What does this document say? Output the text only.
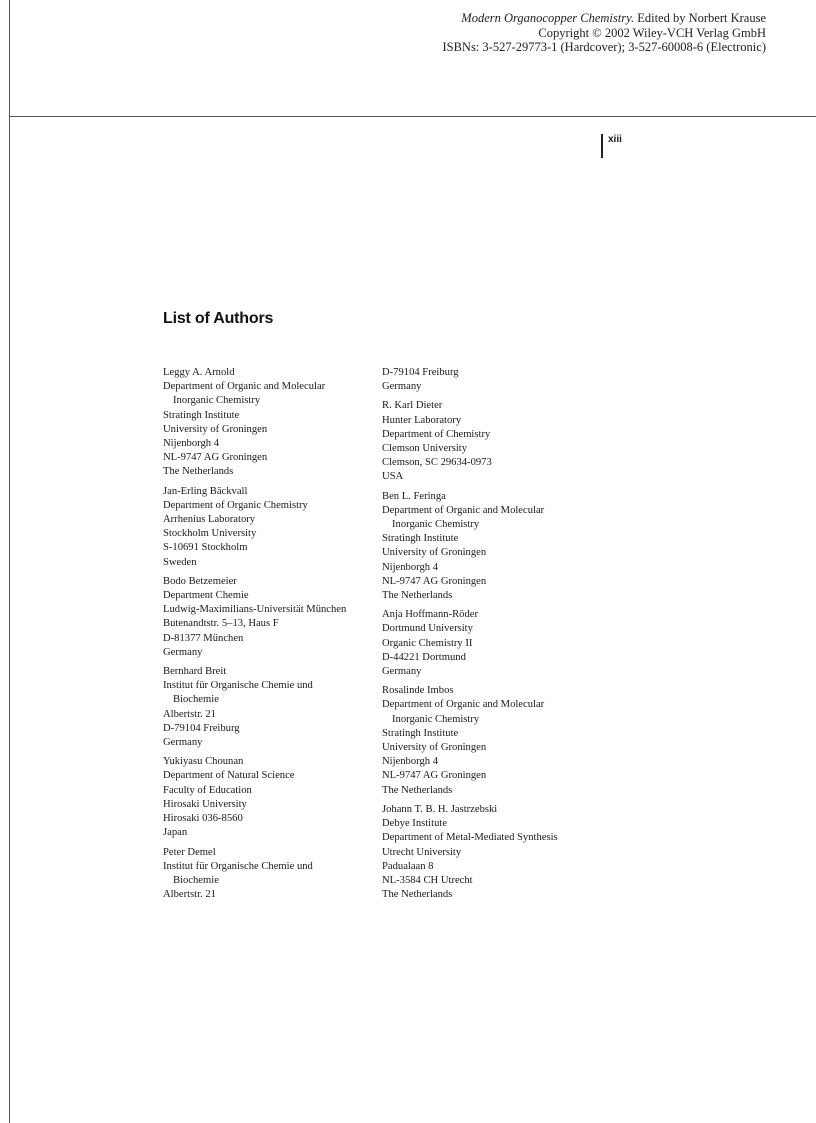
Modern Organocopper Chemistry. Edited by Norbert Krause
Copyright © 2002 Wiley-VCH Verlag GmbH
ISBNs: 3-527-29773-1 (Hardcover); 3-527-60008-6 (Electronic)
$^{xiii}$
List of Authors
Leggy A. Arnold
Department of Organic and Molecular
Inorganic Chemistry
Stratingh Institute
University of Groningen
Nijenborgh 4
NL-9747 AG Groningen
The Netherlands
Jan-Erling Bäckvall
Department of Organic Chemistry
Arrhenius Laboratory
Stockholm University
S-10691 Stockholm
Sweden
Bodo Betzemeier
Department Chemie
Ludwig-Maximilians-Universität München
Butenandtstr. 5–13, Haus F
D-81377 München
Germany
Bernhard Breit
Institut für Organische Chemie und
Biochemie
Albertstr. 21
D-79104 Freiburg
Germany
Yukiyasu Chounan
Department of Natural Science
Faculty of Education
Hirosaki University
Hirosaki 036-8560
Japan
Peter Demel
Institut für Organische Chemie und
Biochemie
Albertstr. 21
D-79104 Freiburg
Germany
R. Karl Dieter
Hunter Laboratory
Department of Chemistry
Clemson University
Clemson, SC 29634-0973
USA
Ben L. Feringa
Department of Organic and Molecular
Inorganic Chemistry
Stratingh Institute
University of Groningen
Nijenborgh 4
NL-9747 AG Groningen
The Netherlands
Anja Hoffmann-Röder
Dortmund University
Organic Chemistry II
D-44221 Dortmund
Germany
Rosalinde Imbos
Department of Organic and Molecular
Inorganic Chemistry
Stratingh Institute
University of Groningen
Nijenborgh 4
NL-9747 AG Groningen
The Netherlands
Johann T. B. H. Jastrzebski
Debye Institute
Department of Metal-Mediated Synthesis
Utrecht University
Padualaan 8
NL-3584 CH Utrecht
The Netherlands
